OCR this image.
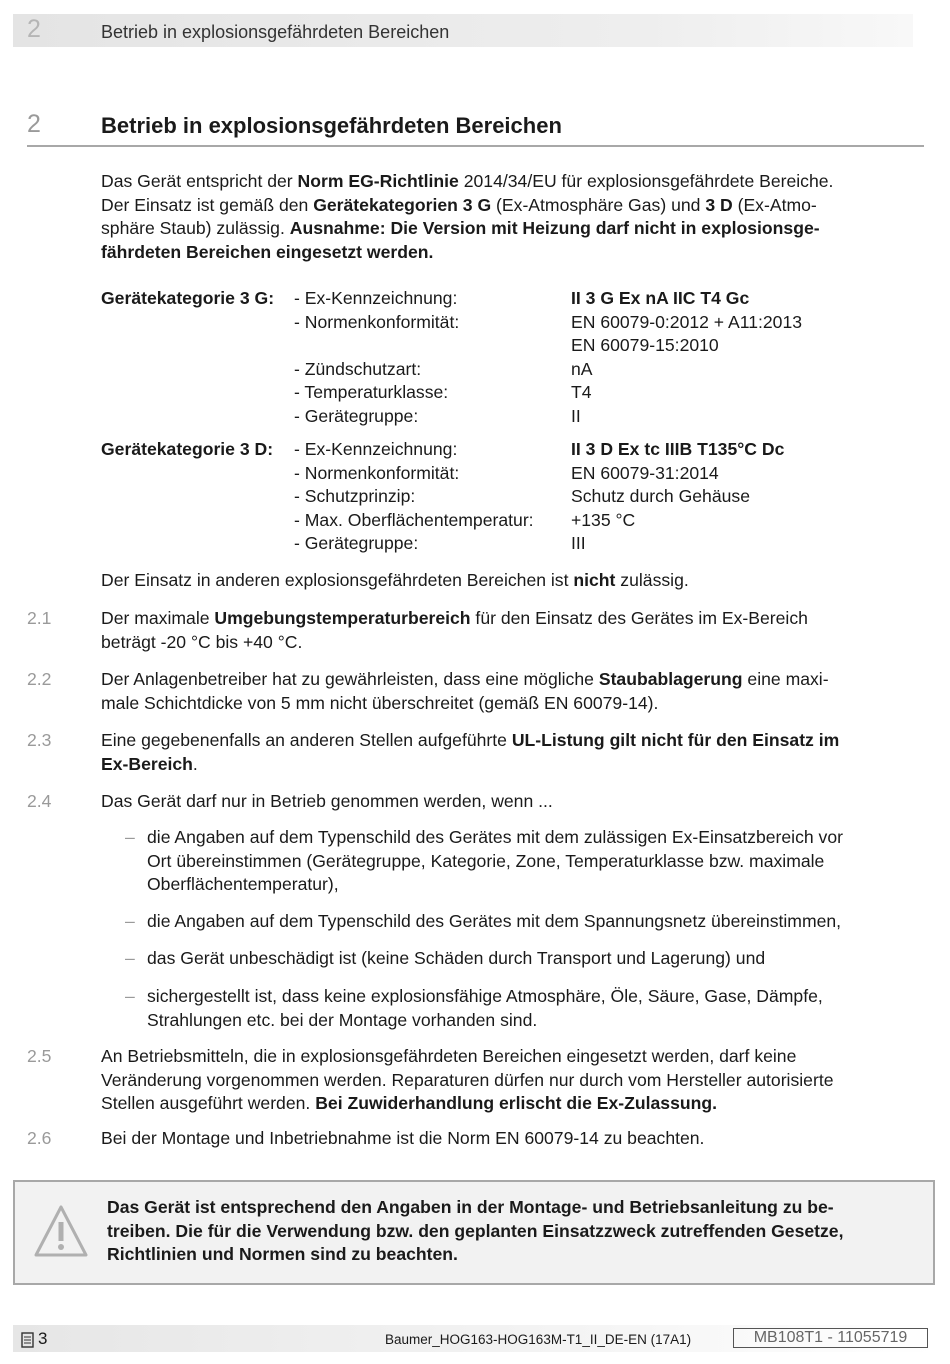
2	Betrieb in explosionsgefährdeten Bereichen
2	Betrieb in explosionsgefährdeten Bereichen
Das Gerät entspricht der Norm EG-Richtlinie 2014/34/EU für explosionsgefährdete Bereiche.
Der Einsatz ist gemäß den Gerätekategorien 3 G (Ex-Atmosphäre Gas) und 3 D (Ex-Atmo-
sphäre Staub) zulässig. Ausnahme: Die Version mit Heizung darf nicht in explosionsge-
fährdeten Bereichen eingesetzt werden.
Gerätekategorie 3 G: - Ex-Kennzeichnung:	II 3 G Ex nA IIC T4 Gc
- Normenkonformität:	EN 60079-0:2012 + A11:2013
EN 60079-15:2010
- Zündschutzart:	nA
- Temperaturklasse:	T4
- Gerätegruppe:	II
Gerätekategorie 3 D: - Ex-Kennzeichnung:	II 3 D Ex tc IIIB T135°C Dc
- Normenkonformität:	EN 60079-31:2014
- Schutzprinzip:	Schutz durch Gehäuse
- Max. Oberflächentemperatur: +135 °C
- Gerätegruppe:	III
Der Einsatz in anderen explosionsgefährdeten Bereichen ist nicht zulässig.
2.1	Der maximale Umgebungstemperaturbereich für den Einsatz des Gerätes im Ex-Bereich
beträgt -20 °C bis +40 °C.
2.2	Der Anlagenbetreiber hat zu gewährleisten, dass eine mögliche Staubablagerung eine maxi-
male Schichtdicke von 5 mm nicht überschreitet (gemäß EN 60079-14).
2.3	Eine gegebenenfalls an anderen Stellen aufgeführte UL-Listung gilt nicht für den Einsatz im
Ex-Bereich.
2.4	Das Gerät darf nur in Betrieb genommen werden, wenn ...
– die Angaben auf dem Typenschild des Gerätes mit dem zulässigen Ex-Einsatzbereich vor
Ort übereinstimmen (Gerätegruppe, Kategorie, Zone, Temperaturklasse bzw. maximale
Oberflächentemperatur),
– die Angaben auf dem Typenschild des Gerätes mit dem Spannungsnetz übereinstimmen,
– das Gerät unbeschädigt ist (keine Schäden durch Transport und Lagerung) und
– sichergestellt ist, dass keine explosionsfähige Atmosphäre, Öle, Säure, Gase, Dämpfe,
Strahlungen etc. bei der Montage vorhanden sind.
2.5	An Betriebsmitteln, die in explosionsgefährdeten Bereichen eingesetzt werden, darf keine
Veränderung vorgenommen werden. Reparaturen dürfen nur durch vom Hersteller autorisierte
Stellen ausgeführt werden. Bei Zuwiderhandlung erlischt die Ex-Zulassung.
2.6	Bei der Montage und Inbetriebnahme ist die Norm EN 60079-14 zu beachten.
Das Gerät ist entsprechend den Angaben in der Montage- und Betriebsanleitung zu be-
treiben. Die für die Verwendung bzw. den geplanten Einsatzzweck zutreffenden Gesetze,
Richtlinien und Normen sind zu beachten.
3	Baumer_HOG163-HOG163M-T1_II_DE-EN (17A1)	MB108T1 - 11055719
